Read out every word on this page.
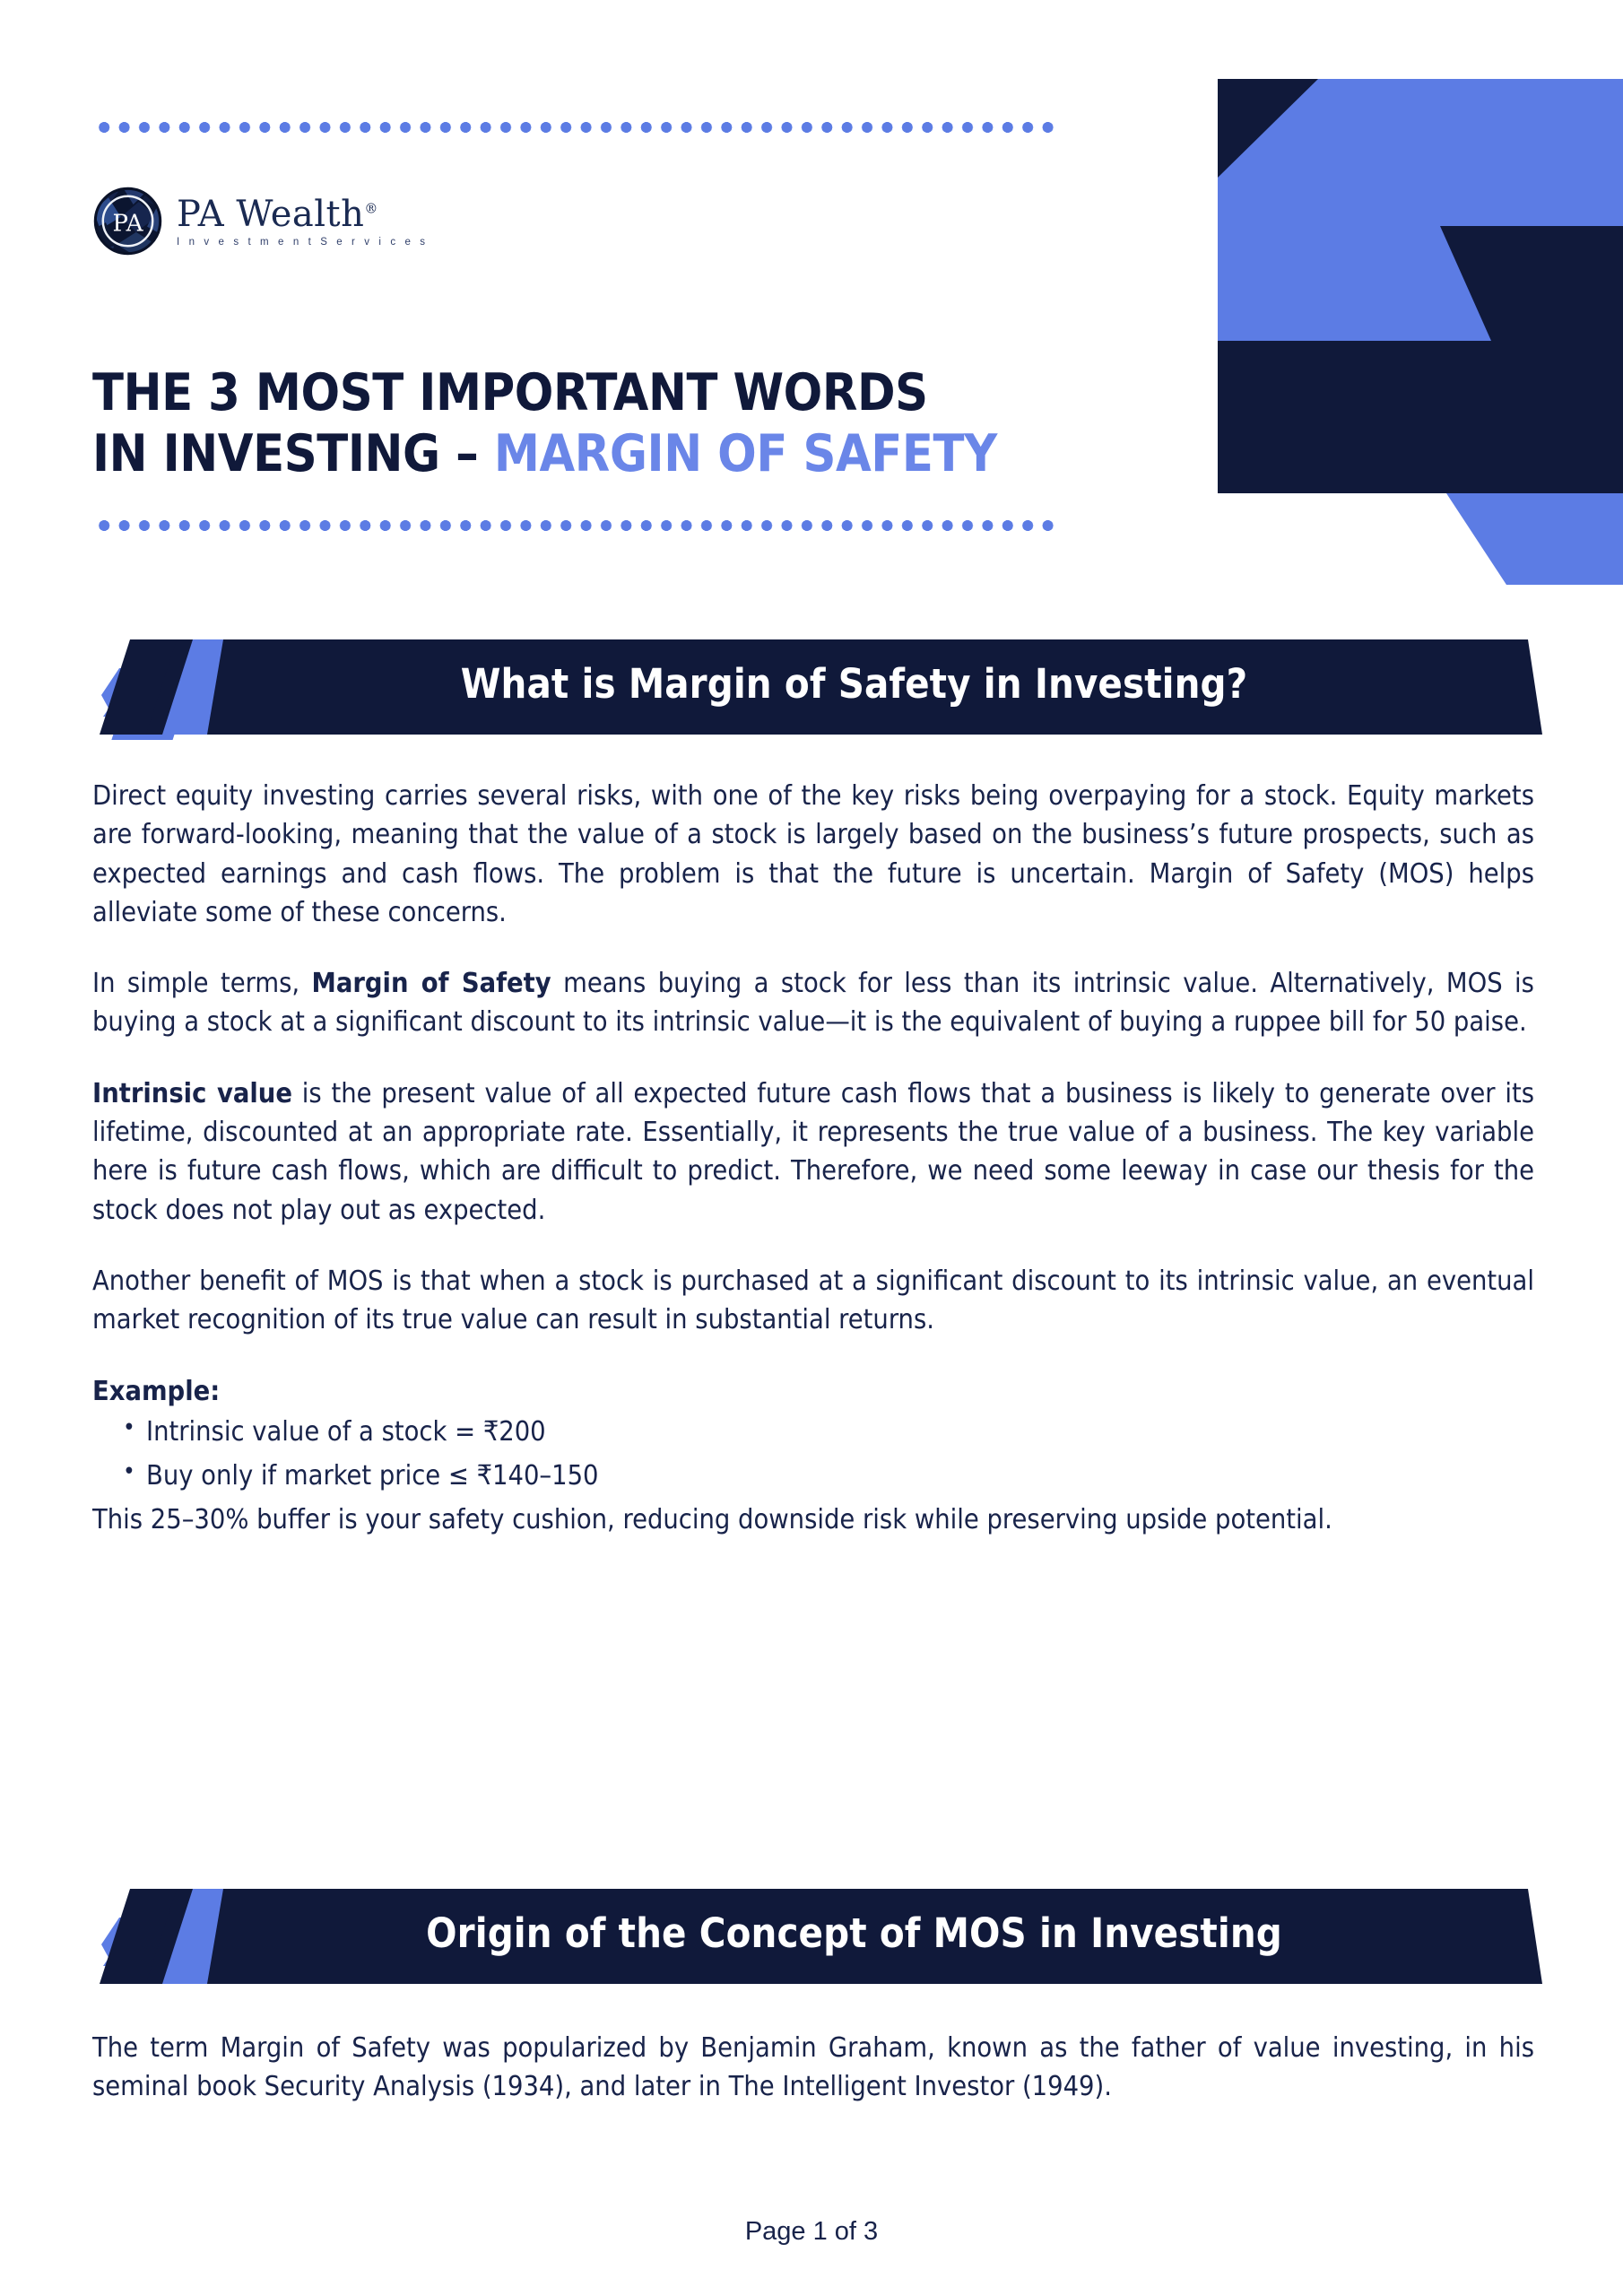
PA PA Wealth®
I n v e s t m e n t S e r v i c e s
THE 3 MOST IMPORTANT WORDS
IN INVESTING – MARGIN OF SAFETY
What is Margin of Safety in Investing?

Direct equity investing carries several risks, with one of the key risks being overpaying for a stock. Equity markets are forward-looking, meaning that the value of a stock is largely based on the business’s future prospects, such as expected earnings and cash flows. The problem is that the future is uncertain. Margin of Safety (MOS) helps alleviate some of these concerns.

In simple terms, Margin of Safety means buying a stock for less than its intrinsic value. Alternatively, MOS is buying a stock at a significant discount to its intrinsic value—it is the equivalent of buying a ruppee bill for 50 paise.

Intrinsic value is the present value of all expected future cash flows that a business is likely to generate over its lifetime, discounted at an appropriate rate. Essentially, it represents the true value of a business. The key variable here is future cash flows, which are difficult to predict. Therefore, we need some leeway in case our thesis for the stock does not play out as expected.

Another benefit of MOS is that when a stock is purchased at a significant discount to its intrinsic value, an eventual market recognition of its true value can result in substantial returns.

Example:
• Intrinsic value of a stock = ₹200
• Buy only if market price ≤ ₹140–150

This 25–30% buffer is your safety cushion, reducing downside risk while preserving upside potential.

Origin of the Concept of MOS in Investing

The term Margin of Safety was popularized by Benjamin Graham, known as the father of value investing, in his seminal book Security Analysis (1934), and later in The Intelligent Investor (1949).

Page 1 of 3
